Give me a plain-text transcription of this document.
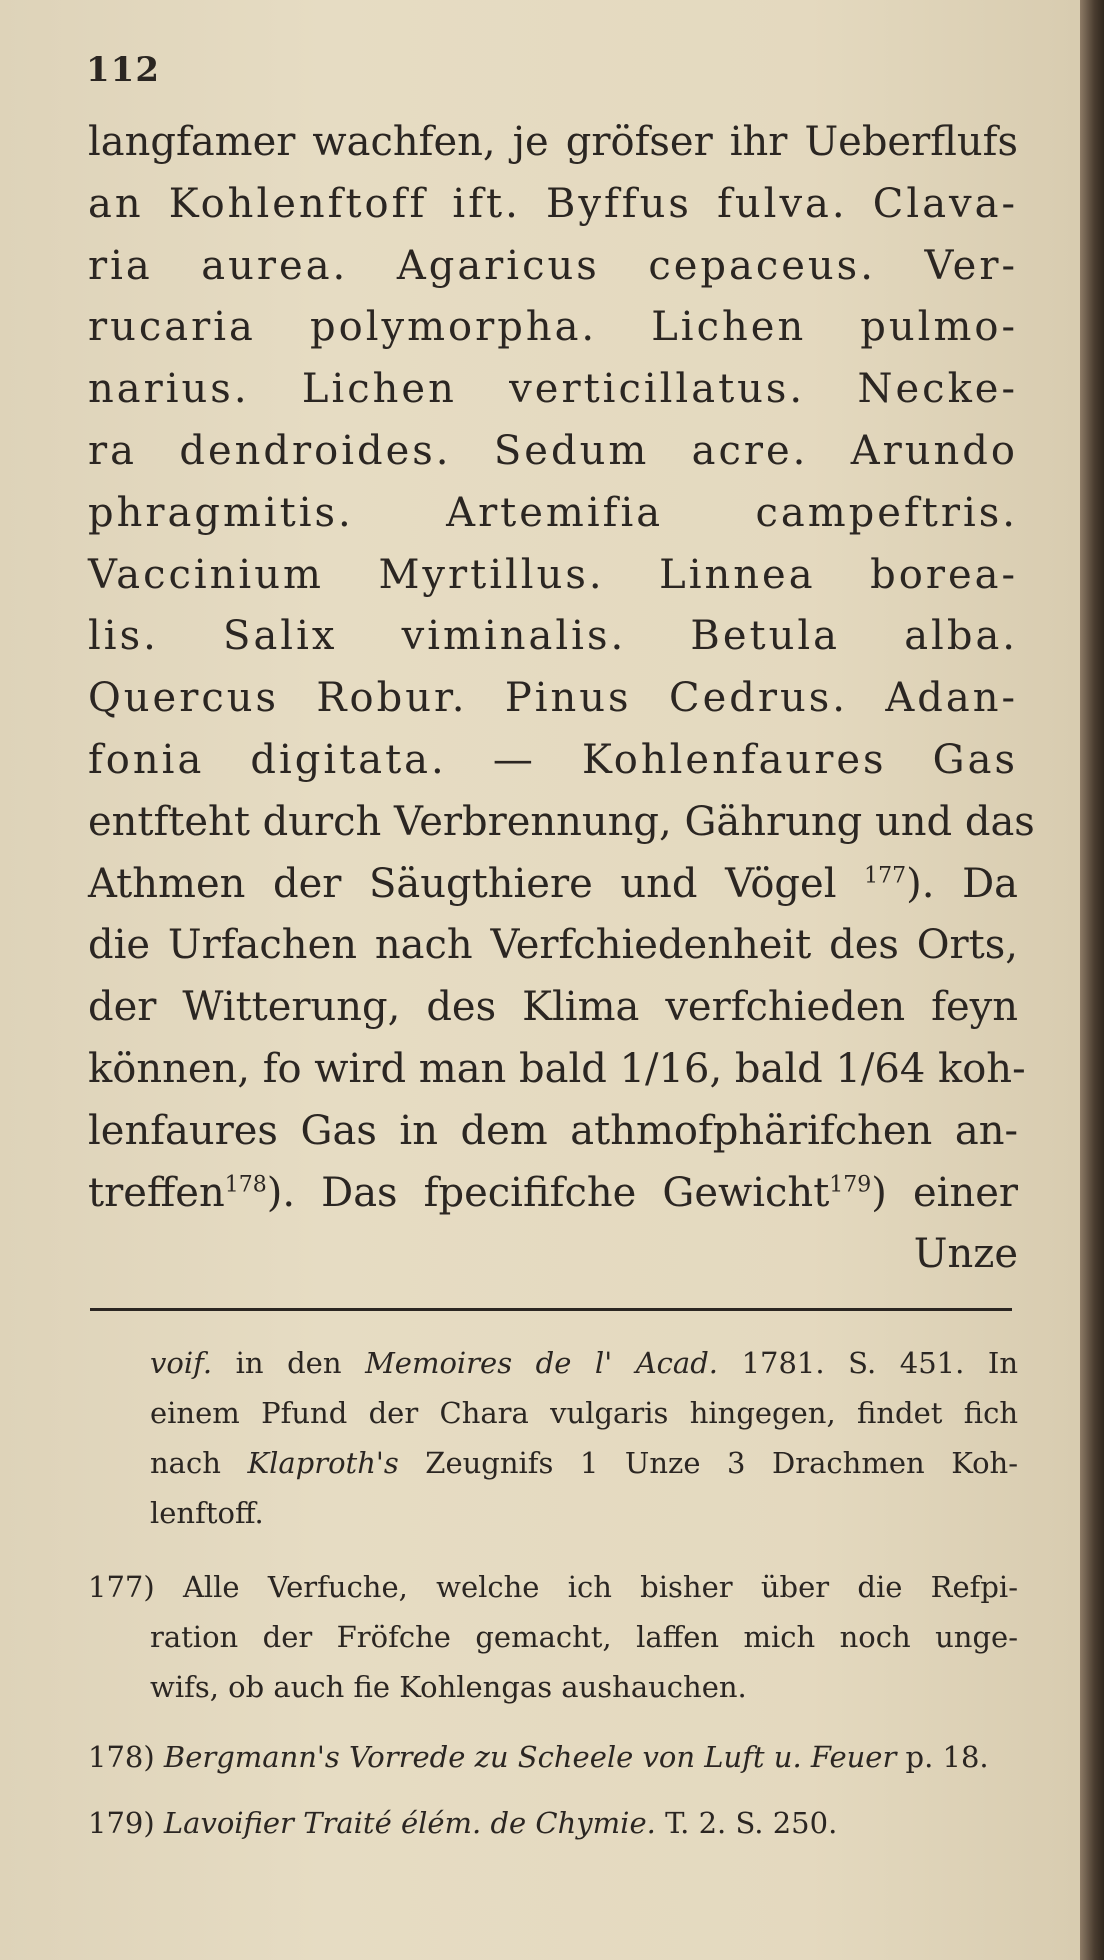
112
langfamer wachfen, je gröfser ihr Ueberflufs
an Kohlenftoff ift. Byffus fulva. Clava-
ria aurea. Agaricus cepaceus. Ver-
rucaria polymorpha. Lichen pulmo-
narius. Lichen verticillatus. Necke-
ra dendroides. Sedum acre. Arundo
phragmitis. Artemifia campeftris.
Vaccinium Myrtillus. Linnea borea-
lis. Salix viminalis. Betula alba.
Quercus Robur. Pinus Cedrus. Adan-
fonia digitata. — Kohlenfaures Gas
entfteht durch Verbrennung, Gährung und das
Athmen der Säugthiere und Vögel $^{177}$). Da
die Urfachen nach Verfchiedenheit des Orts,
der Witterung, des Klima verfchieden feyn
können, fo wird man bald 1/16, bald 1/64 koh-
lenfaures Gas in dem athmofphärifchen an-
treffen$^{178}$). Das fpecififche Gewicht$^{179}$) einer
Unze
voif. in den Memoires de l' Acad. 1781. S. 451. In
einem Pfund der Chara vulgaris hingegen, findet fich
nach Klaproth's Zeugnifs 1 Unze 3 Drachmen Koh-
lenftoff.
177) Alle Verfuche, welche ich bisher über die Refpi-
ration der Fröfche gemacht, laffen mich noch unge-
wifs, ob auch fie Kohlengas aushauchen.
178) Bergmann's Vorrede zu Scheele von Luft u. Feuer p. 18.
179) Lavoifier Traité élém. de Chymie. T. 2. S. 250.
